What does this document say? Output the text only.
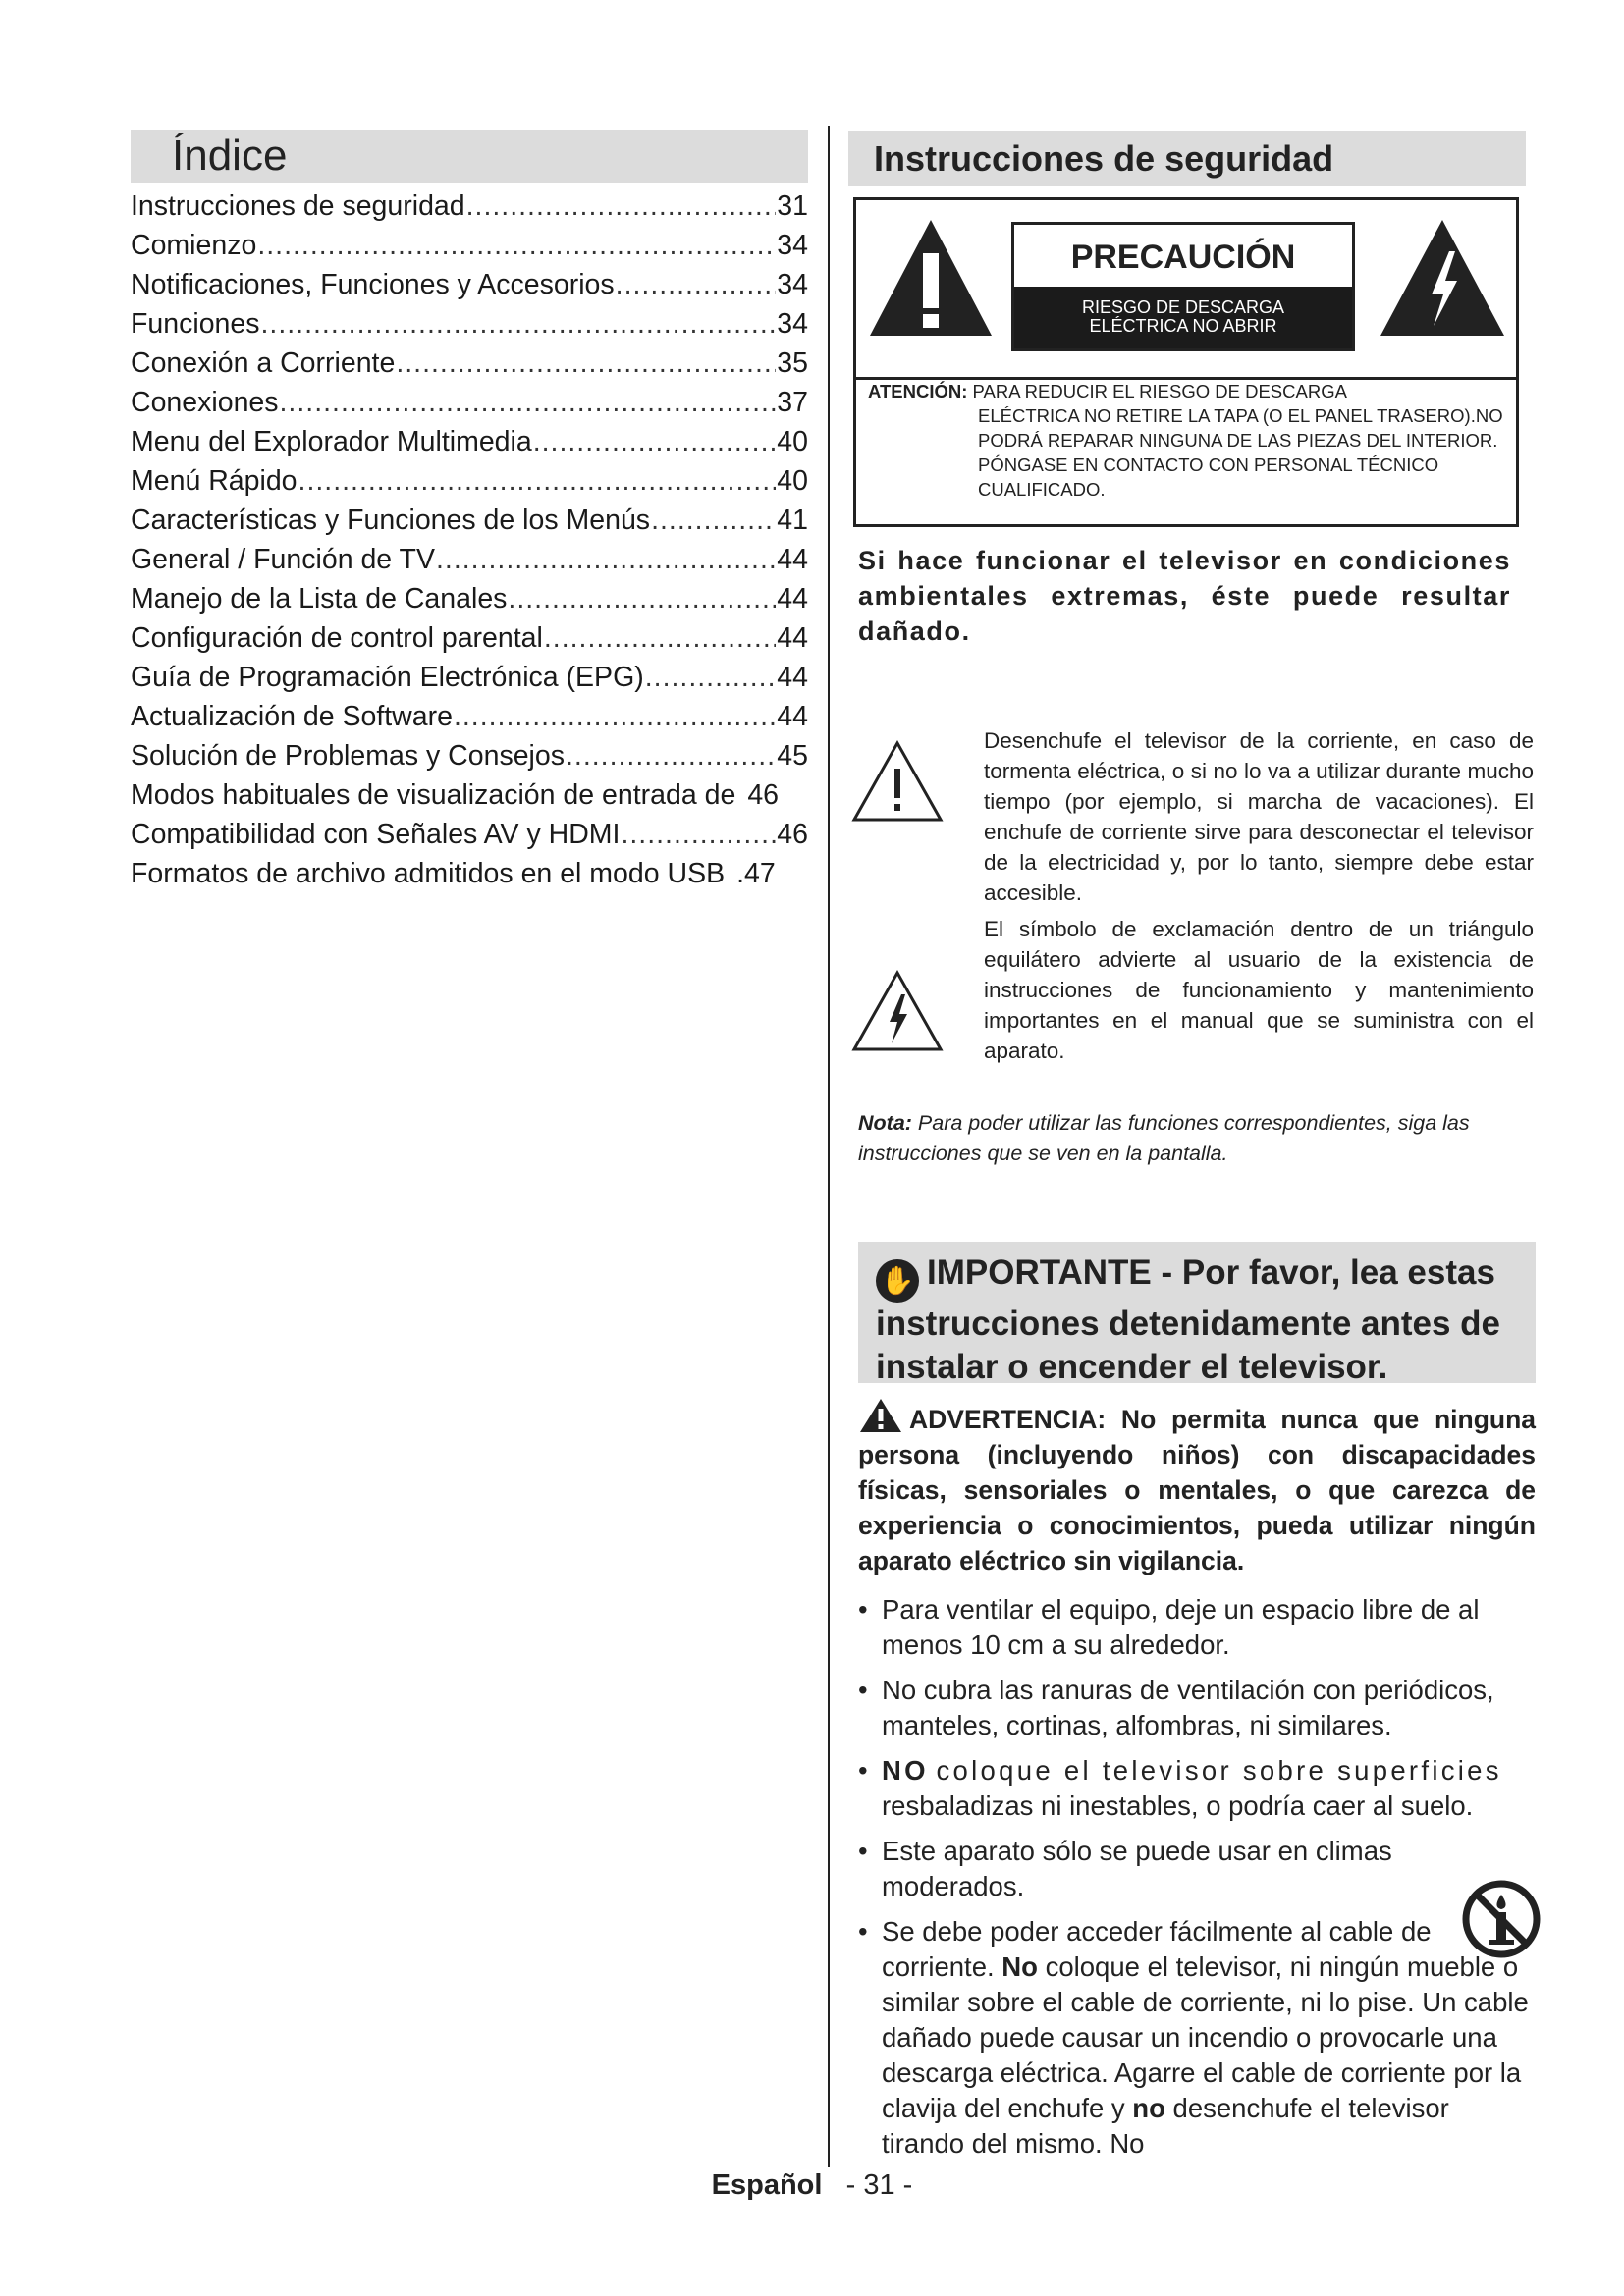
Índice
Instrucciones de seguridad .....	31
Comienzo .....	34
Notificaciones, Funciones y Accesorios .....	34
Funciones .....	34
Conexión a Corriente .....	35
Conexiones .....	37
Menu del Explorador Multimedia .....	40
Menú Rápido .....	40
Características y Funciones de los Menús .....	41
General / Función de TV .....	44
Manejo de la Lista de Canales .....	44
Configuración de control parental .....	44
Guía de Programación Electrónica (EPG) .....	44
Actualización de Software .....	44
Solución de Problemas y Consejos .....	45
Modos habituales de visualización de entrada de 46
Compatibilidad con Señales AV y HDMI .....	46
Formatos de archivo admitidos en el modo USB .47
Instrucciones de seguridad
PRECAUCIÓN
RIESGO DE DESCARGA
ELÉCTRICA NO ABRIR
ATENCIÓN: PARA REDUCIR EL RIESGO DE DESCARGA
ELÉCTRICA NO RETIRE LA TAPA (O EL PANEL TRASERO).NO PODRÁ REPARAR NINGUNA DE LAS PIEZAS DEL INTERIOR. PÓNGASE EN CONTACTO CON PERSONAL TÉCNICO CUALIFICADO.
Si hace funcionar el televisor en condiciones ambientales extremas, éste puede resultar dañado.

Desenchufe el televisor de la corriente, en caso de tormenta eléctrica, o si no lo va a utilizar durante mucho tiempo (por ejemplo, si marcha de vacaciones). El enchufe de corriente sirve para desconectar el televisor de la electricidad y, por lo tanto, siempre debe estar accesible.

El símbolo de exclamación dentro de un triángulo equilátero advierte al usuario de la existencia de instrucciones de funcionamiento y mantenimiento importantes en el manual que se suministra con el aparato.

Nota: Para poder utilizar las funciones correspondientes, siga las instrucciones que se ven en la pantalla.
✋ IMPORTANTE - Por favor, lea estas
instrucciones detenidamente antes de
instalar o encender el televisor.
ADVERTENCIA: No permita nunca que ninguna persona (incluyendo niños) con discapacidades físicas, sensoriales o mentales, o que carezca de experiencia o conocimientos, pueda utilizar ningún aparato eléctrico sin vigilancia.
• Para ventilar el equipo, deje un espacio libre de al menos 10 cm a su alrededor.
• No cubra las ranuras de ventilación con periódicos, manteles, cortinas, alfombras, ni similares.
• NO coloque el televisor sobre superficies resbaladizas ni inestables, o podría caer al suelo.
• Este aparato sólo se puede usar en climas moderados.
• Se debe poder acceder fácilmente al cable de corriente. No coloque el televisor, ni ningún mueble o similar sobre el cable de corriente, ni lo pise. Un cable dañado puede causar un incendio o provocarle una descarga eléctrica. Agarre el cable de corriente por la clavija del enchufe y no desenchufe el televisor tirando del mismo. No
Español - 31 -
